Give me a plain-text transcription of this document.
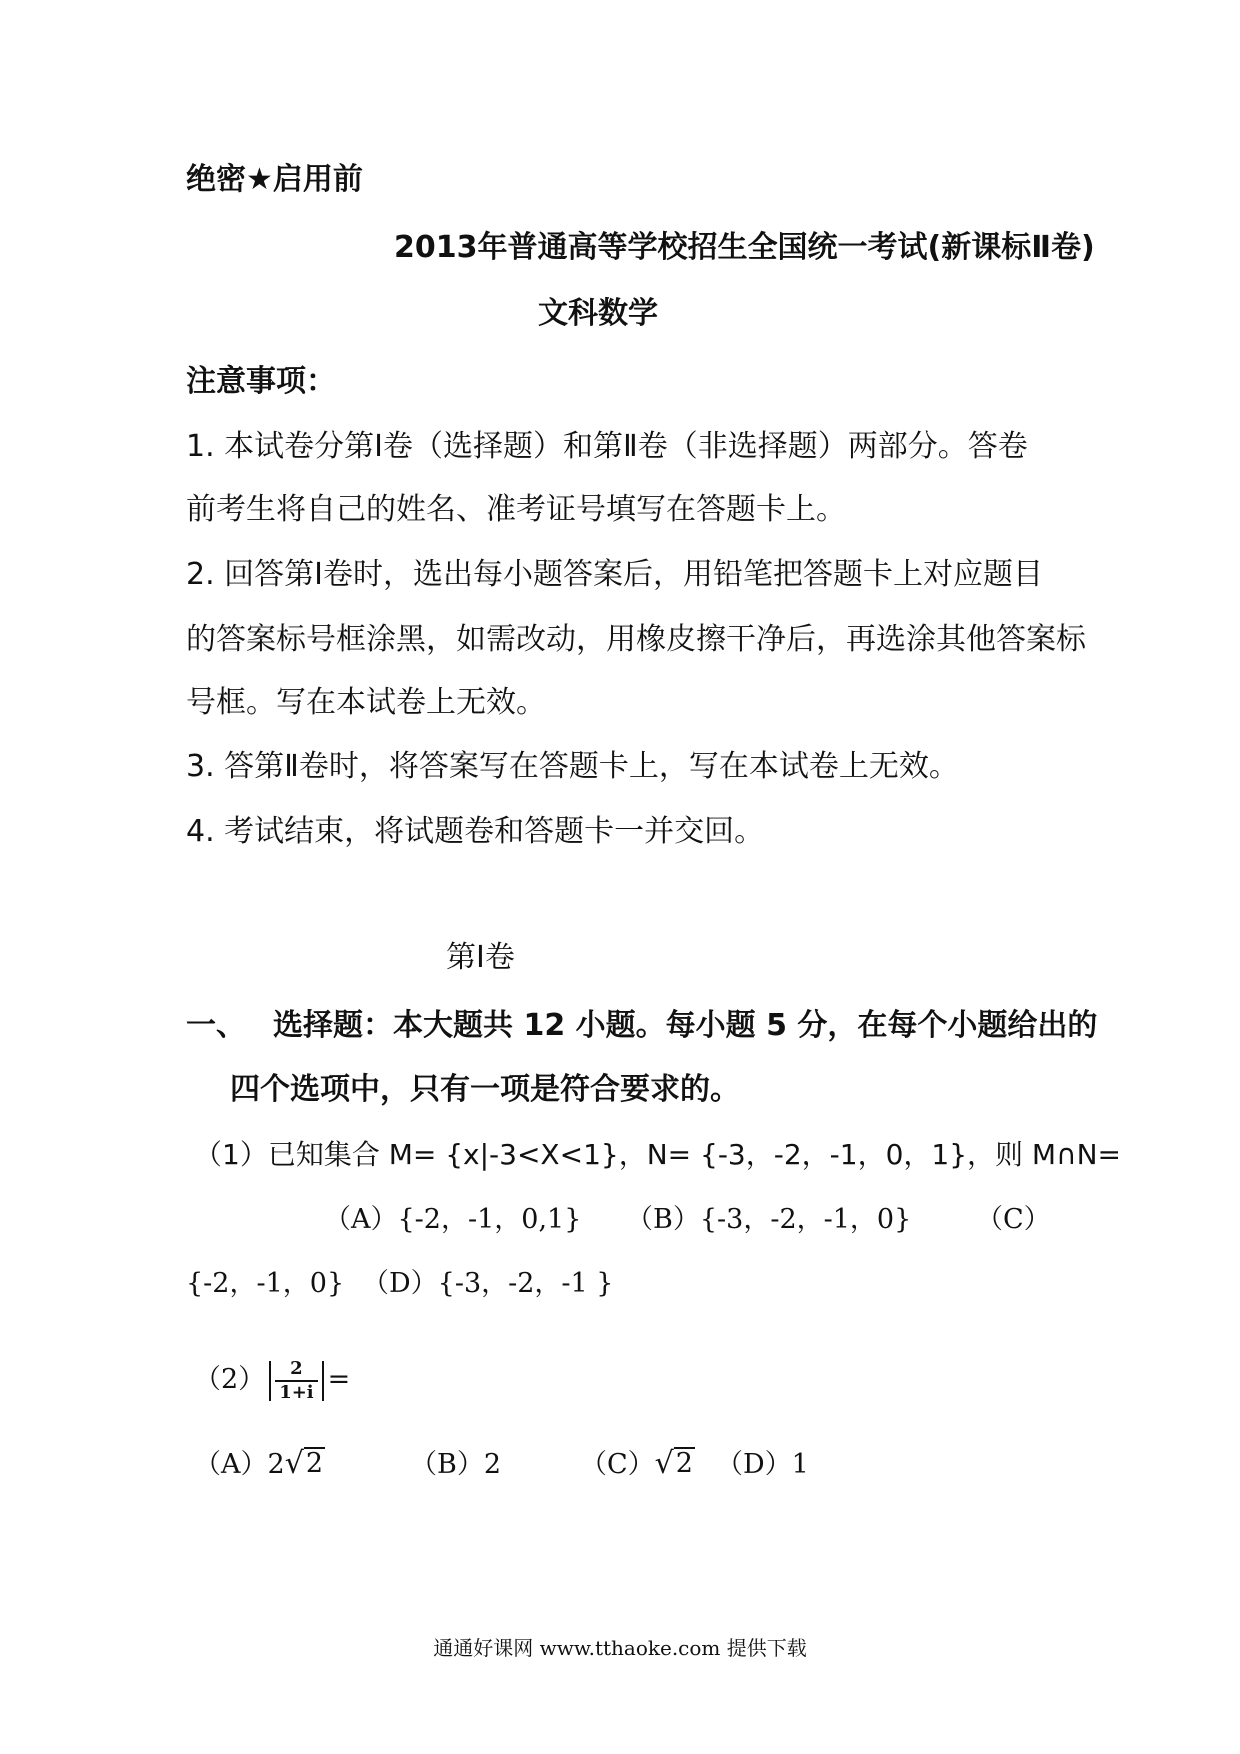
绝密★启用前
2013年普通高等学校招生全国统一考试(新课标Ⅱ卷)
文科数学
注意事项：
1. 本试卷分第Ⅰ卷（选择题）和第Ⅱ卷（非选择题）两部分。答卷
前考生将自己的姓名、准考证号填写在答题卡上。
2. 回答第Ⅰ卷时，选出每小题答案后，用铅笔把答题卡上对应题目
的答案标号框涂黑，如需改动，用橡皮擦干净后，再选涂其他答案标
号框。写在本试卷上无效。
3. 答第Ⅱ卷时，将答案写在答题卡上，写在本试卷上无效。
4. 考试结束，将试题卷和答题卡一并交回。
第Ⅰ卷
一、 选择题：本大题共 12 小题。每小题 5 分，在每个小题给出的
四个选项中，只有一项是符合要求的。
（1）已知集合 M= {x|-3<X<1}，N= {-3，-2，-1，0，1}，则 M∩N=
（A）{-2，-1，0,1} （B）{-3，-2，-1，0} （C）
{-2，-1，0} （D）{-3，-2，-1 }
$(2) \frac{2}{1+i}$ =
（A）2 √ 2	（B）2	（C） √ 2 （D）1
通通好课网 www.tthaoke.com 提供下载
